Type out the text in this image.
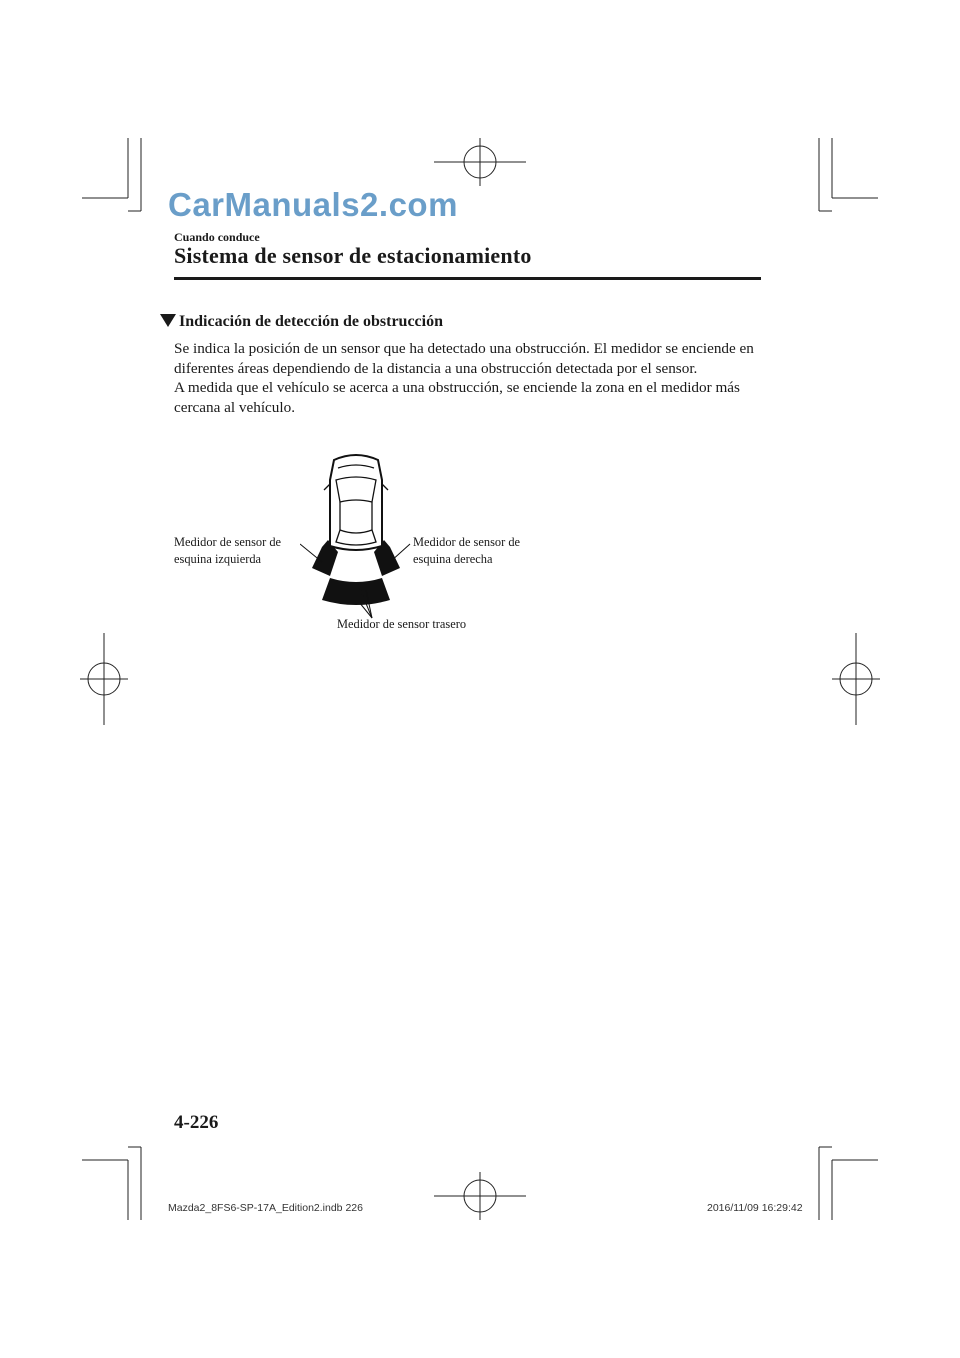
CarManuals2.com
Cuando conduce
Sistema de sensor de estacionamiento
Indicación de detección de obstrucción

Se indica la posición de un sensor que ha detectado una obstrucción. El medidor se enciende en diferentes áreas dependiendo de la distancia a una obstrucción detectada por el sensor.

A medida que el vehículo se acerca a una obstrucción, se enciende la zona en el medidor más cercana al vehículo.

Medidor de sensor de
esquina izquierda
Medidor de sensor de
esquina derecha
Medidor de sensor trasero
4-226
Mazda2_8FS6-SP-17A_Edition2.indb 226	2016/11/09 16:29:42
